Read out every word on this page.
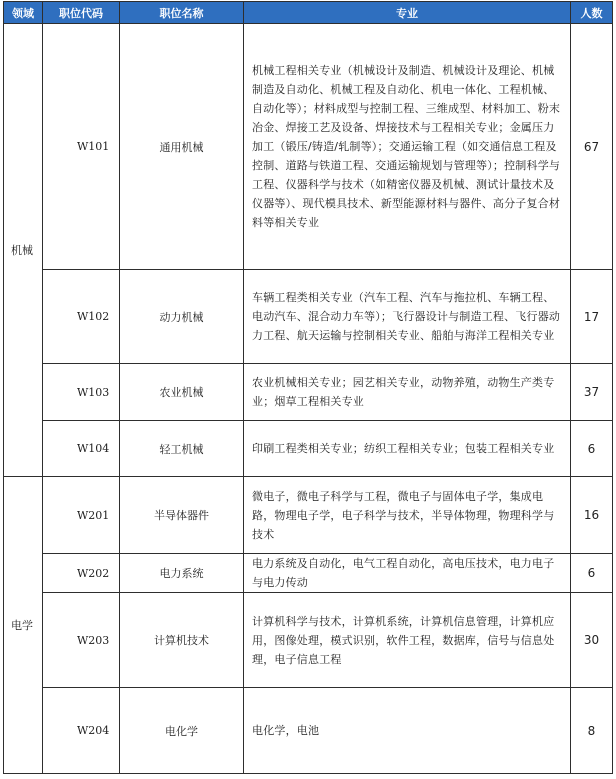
领域	职位代码	职位名称	专业	人数
机械	W101	通用机械	机械工程相关专业（机械设计及制造、机械设计及理论、机械制造及自动化、机械工程及自动化、机电一体化、工程机械、自动化等）；材料成型与控制工程、三维成型、材料加工、粉末冶金、焊接工艺及设备、焊接技术与工程相关专业；金属压力加工（锻压/铸造/轧制等）；交通运输工程（如交通信息工程及控制、道路与铁道工程、交通运输规划与管理等）；控制科学与工程、仪器科学与技术（如精密仪器及机械、测试计量技术及仪器等）、现代模具技术、新型能源材料与器件、高分子复合材料等相关专业	67
	W102	动力机械	车辆工程类相关专业（汽车工程、汽车与拖拉机、车辆工程、电动汽车、混合动力车等）；飞行器设计与制造工程、飞行器动力工程、航天运输与控制相关专业、船舶与海洋工程相关专业	17
	W103	农业机械	农业机械相关专业；园艺相关专业，动物养殖，动物生产类专业；烟草工程相关专业	37
	W104	轻工机械	印刷工程类相关专业；纺织工程相关专业；包装工程相关专业	6
电学	W201	半导体器件	微电子，微电子科学与工程，微电子与固体电子学，集成电路，物理电子学，电子科学与技术，半导体物理，物理科学与技术	16
	W202	电力系统	电力系统及自动化，电气工程自动化，高电压技术，电力电子与电力传动	6
	W203	计算机技术	计算机科学与技术，计算机系统，计算机信息管理，计算机应用，图像处理，模式识别，软件工程，数据库，信号与信息处理，电子信息工程	30
	W204	电化学	电化学，电池	8
